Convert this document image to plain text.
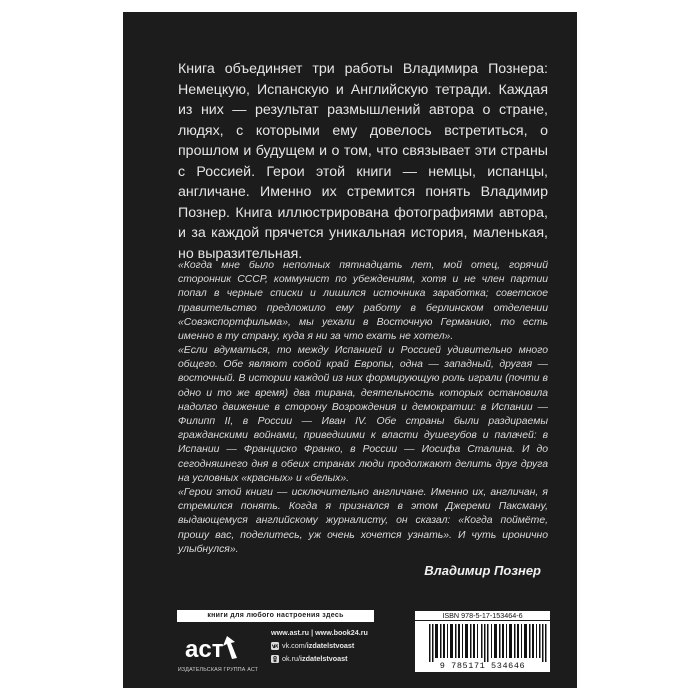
Книга объединяет три работы Владимира Познера: Немецкую, Испанскую и Английскую тетради. Каждая из них — результат размышлений автора о стране, людях, с которыми ему довелось встретиться, о прошлом и будущем и о том, что связывает эти страны с Россией. Герои этой книги — немцы, испанцы, англичане. Именно их стремится понять Владимир Познер. Книга иллюстрирована фотографиями автора, и за каждой прячется уникальная история, маленькая, но выразительная.

«Когда мне было неполных пятнадцать лет, мой отец, горячий сторонник СССР, коммунист по убеждениям, хотя и не член партии попал в черные списки и лишился источника заработка; советское правительство предложило ему работу в берлинском отделении «Совэкспортфильма», мы уехали в Восточную Германию, то есть именно в ту страну, куда я ни за что ехать не хотел».

«Если вдуматься, то между Испанией и Россией удивительно много общего. Обе являют собой край Европы, одна — западный, другая — восточный. В истории каждой из них формирующую роль играли (почти в одно и то же время) два тирана, деятельность которых остановила надолго движение в сторону Возрождения и демократии: в Испании — Филипп II, в России — Иван IV. Обе страны были раздираемы гражданскими войнами, приведшими к власти душегубов и палачей: в Испании — Франциско Франко, в России — Иосифа Сталина. И до сегодняшнего дня в обеих странах люди продолжают делить друг друга на условных «красных» и «белых».

«Герои этой книги — исключительно англичане. Именно их, англичан, я стремился понять. Когда я признался в этом Джереми Паксману, выдающемуся английскому журналисту, он сказал: «Когда поймёте, прошу вас, поделитесь, уж очень хочется узнать». И чуть иронично улыбнулся».

Владимир Познер
книги для любого настроения здесь
аст
ИЗДАТЕЛЬСКАЯ ГРУППА АСТ
www.ast.ru | www.book24.ru
vk.com/izdatelstvoast
ok.ru/izdatelstvoast
ISBN 978-5-17-153464-6
9 785171 534646
